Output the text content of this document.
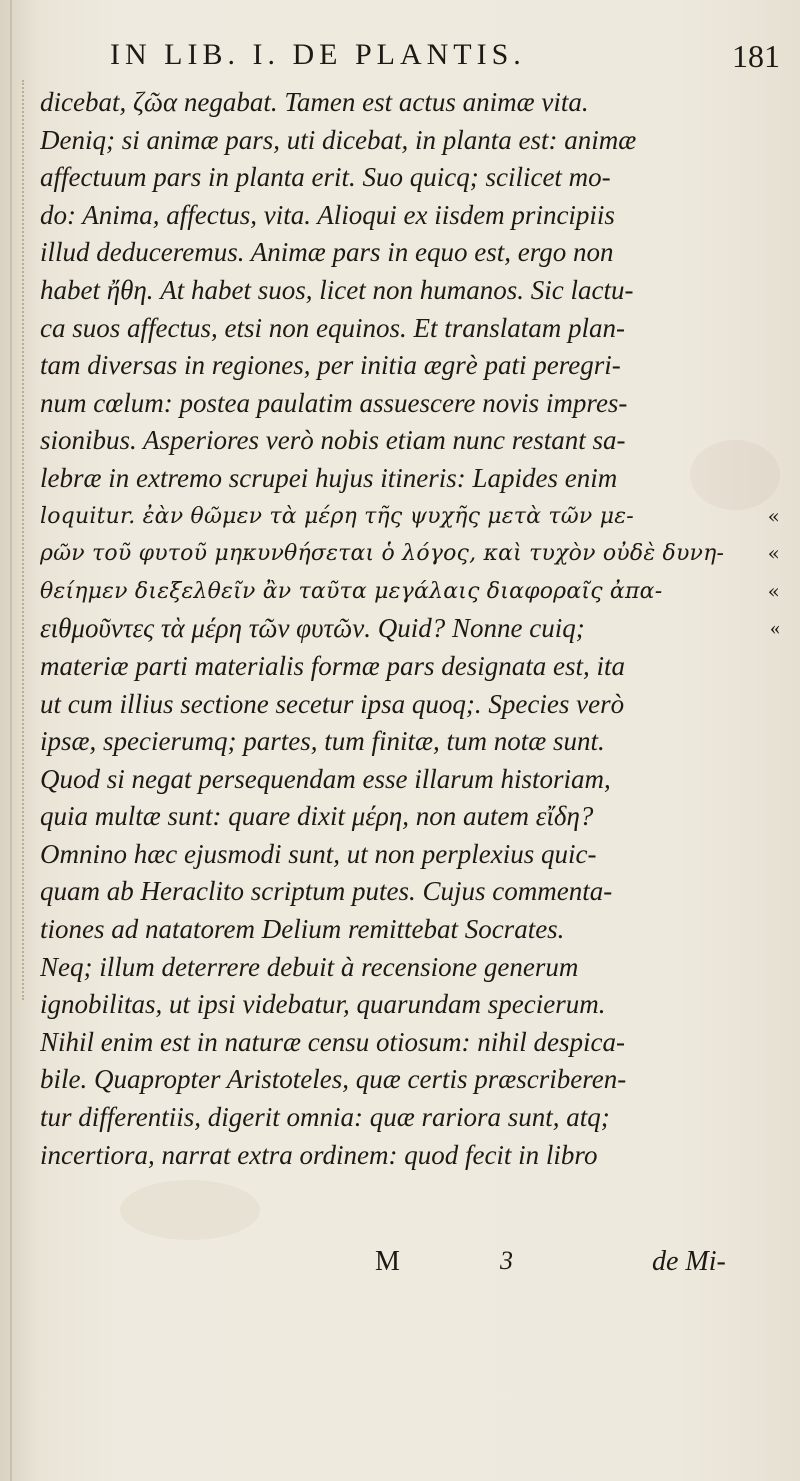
IN LIB. I. DE PLANTIS.	181
dicebat, ζῶα negabat. Tamen est actus animæ vita.
Deniq; si animæ pars, uti dicebat, in planta est: animæ
affectuum pars in planta erit. Suo quicq; scilicet mo-
do: Anima, affectus, vita. Alioqui ex iisdem principiis
illud deduceremus. Animæ pars in equo est, ergo non
habet ἤθη. At habet suos, licet non humanos. Sic lactu-
ca suos affectus, etsi non equinos. Et translatam plan-
tam diversas in regiones, per initia ægrè pati peregri-
num cœlum: postea paulatim assuescere novis impres-
sionibus. Asperiores verò nobis etiam nunc restant sa-
lebræ in extremo scrupei hujus itineris: Lapides enim
loquitur. ἐὰν θῶμεν τὰ μέρη τῆς ψυχῆς μετὰ τῶν με-	«
ρῶν τοῦ φυτοῦ μηκυνθήσεται ὁ λόγος, καὶ τυχὸν οὐδὲ δυνη- «
θείημεν διεξελθεῖν ἂν ταῦτα μεγάλαις διαφοραῖς ἀπα-	«
ειθμοῦντες τὰ μέρη τῶν φυτῶν. Quid? Nonne cuiq;	«
materiæ parti materialis formæ pars designata est, ita
ut cum illius sectione secetur ipsa quoq;. Species verò
ipsæ, specierumq; partes, tum finitæ, tum notæ sunt.
Quod si negat persequendam esse illarum historiam,
quia multæ sunt: quare dixit μέρη, non autem εἴδη?
Omnino hæc ejusmodi sunt, ut non perplexius quic-
quam ab Heraclito scriptum putes. Cujus commenta-
tiones ad natatorem Delium remittebat Socrates.
Neq; illum deterrere debuit à recensione generum
ignobilitas, ut ipsi videbatur, quarundam specierum.
Nihil enim est in naturæ censu otiosum: nihil despica-
bile. Quapropter Aristoteles, quæ certis præscriberen-
tur differentiis, digerit omnia: quæ rariora sunt, atq;
incertiora, narrat extra ordinem: quod fecit in libro
M	3	de Mi-
